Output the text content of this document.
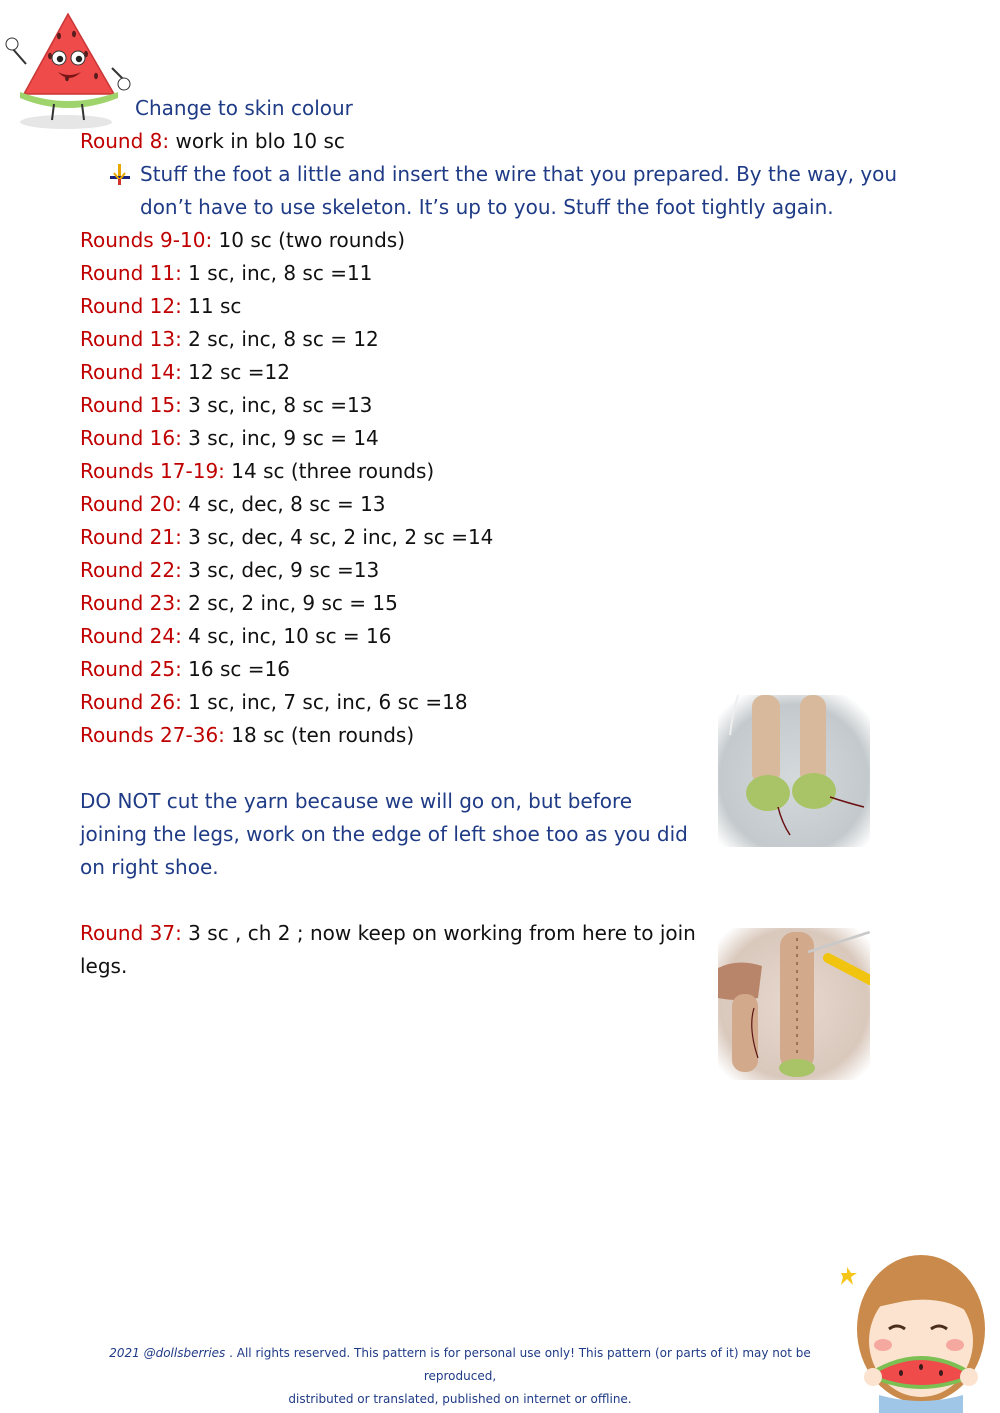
Change to skin colour
Round 8: work in blo 10 sc
Stuff the foot a little and insert the wire that you prepared. By the way, you don’t have to use skeleton. It’s up to you. Stuff the foot tightly again.
Rounds 9-10: 10 sc (two rounds)
Round 11: 1 sc, inc, 8 sc =11
Round 12: 11 sc
Round 13: 2 sc, inc, 8 sc = 12
Round 14: 12 sc =12
Round 15: 3 sc, inc, 8 sc =13
Round 16: 3 sc, inc, 9 sc = 14
Rounds 17-19: 14 sc (three rounds)
Round 20: 4 sc, dec, 8 sc = 13
Round 21: 3 sc, dec, 4 sc, 2 inc, 2 sc =14
Round 22: 3 sc, dec, 9 sc =13
Round 23: 2 sc, 2 inc, 9 sc = 15
Round 24: 4 sc, inc, 10 sc = 16
Round 25: 16 sc =16
Round 26: 1 sc, inc, 7 sc, inc, 6 sc =18
Rounds 27-36: 18 sc (ten rounds)
DO NOT cut the yarn because we will go on, but before joining the legs, work on the edge of left shoe too as you did on right shoe.
Round 37: 3 sc , ch 2 ; now keep on working from here to join legs.
2021 @dollsberries . All rights reserved. This pattern is for personal use only! This pattern (or parts of it) may not be reproduced,
distributed or translated, published on internet or offline.
